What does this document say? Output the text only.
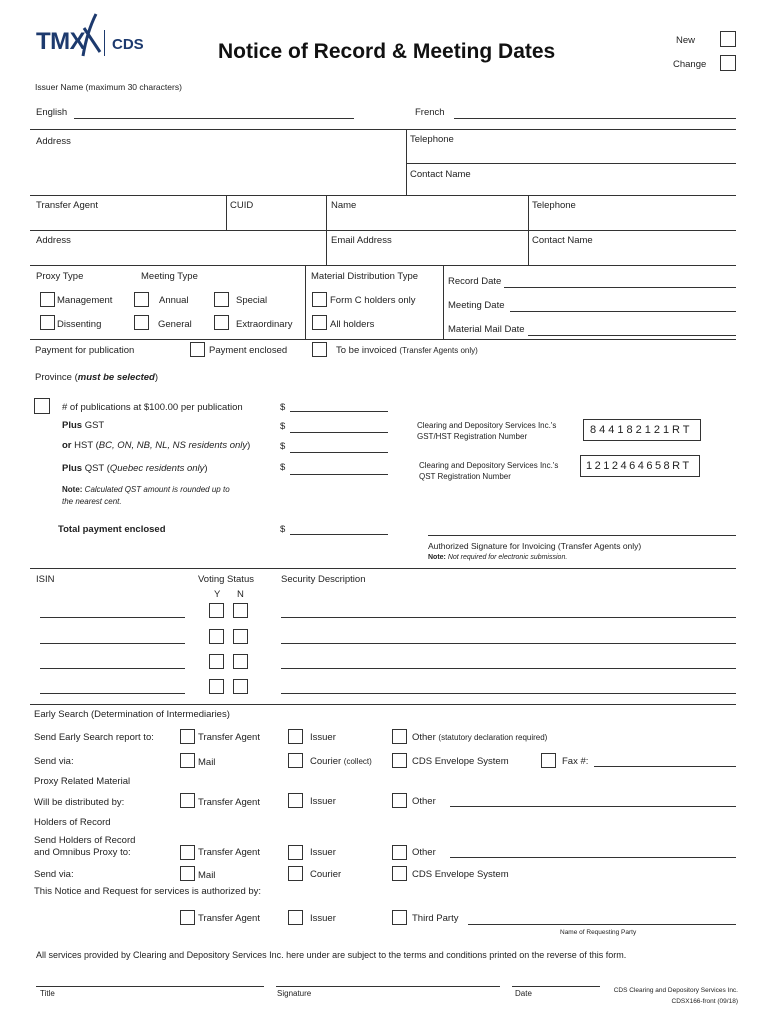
TMX CDS	Notice of Record & Meeting Dates	New
Change
Issuer Name (maximum 30 characters)
English	French
Address	Telephone
Contact Name
Transfer Agent	CUID	Name	Telephone
Address	Email Address	Contact Name
Proxy Type	Meeting Type	Material Distribution Type
Management	Annual	Special	Form C holders only
Dissenting	General	Extraordinary	All holders
Record Date
Meeting Date
Material Mail Date
Payment for publication	Payment enclosed	To be invoiced (Transfer Agents only)
Province (must be selected)
# of publications at $100.00 per publication	$
Plus GST	$
or HST (BC, ON, NB, NL, NS residents only)	$
Plus QST (Quebec residents only)	$
Note: Calculated QST amount is rounded up to
the nearest cent.
Total payment enclosed	$
Clearing and Depository Services Inc.'s
GST/HST Registration Number
844182121RT
Clearing and Depository Services Inc.'s
QST Registration Number
1212464658RT
Authorized Signature for Invoicing (Transfer Agents only)
Note: Not required for electronic submission.
ISIN	Voting Status
Y N
Security Description
Early Search (Determination of Intermediaries)
Send Early Search report to:	Transfer Agent	Issuer	Other (statutory declaration required)
Send via:	Mail	Courier (collect)	CDS Envelope System	Fax #:
Proxy Related Material
Will be distributed by:	Transfer Agent	Issuer	Other
Holders of Record
Send Holders of Record
and Omnibus Proxy to:	Transfer Agent	Issuer	Other
Send via:	Mail	Courier	CDS Envelope System
This Notice and Request for services is authorized by:
Transfer Agent	Issuer	Third Party
Name of Requesting Party
All services provided by Clearing and Depository Services Inc. here under are subject to the terms and conditions printed on the reverse of this form.
Title	Signature	Date	CDS Clearing and Depository Services Inc.
CDSX166-front (09/18)
